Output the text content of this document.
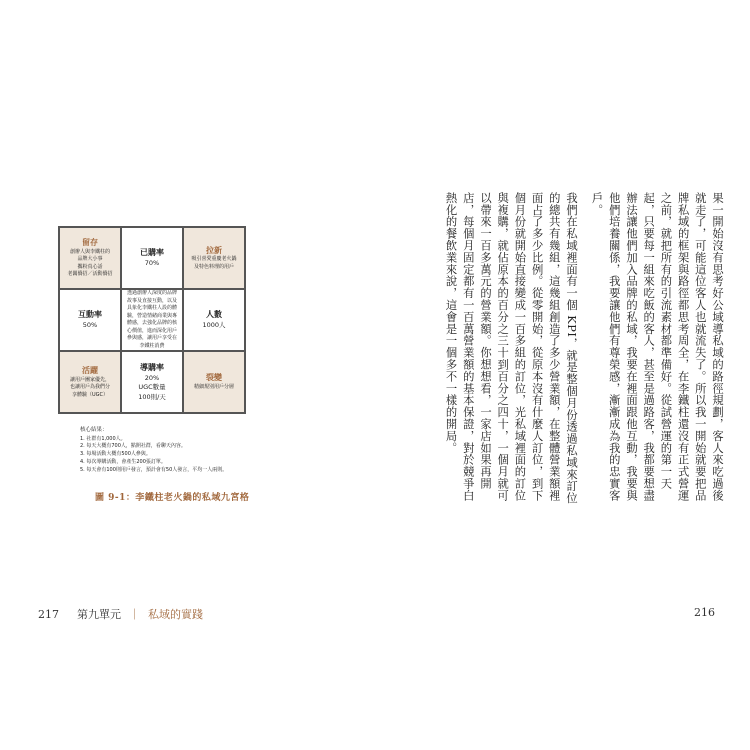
留存
創辦人與李鐵柱的
品牌大小事
攜粉真心話
老闆僑招／活動僑招
已購率
70%
拉新
吸引喜愛重慶老火鍋
及特色料理的用戶
互動率
50%
透過創辦人深度的品牌
故事及直接互動，以及
具象化李鐵柱人設的體
驗，營造情緒商業與專
體感，去強化品牌的核
心價值，進而深化用戶
參與感，讓用戶享受在
李鐵柱消費
人數
1000人
活躍
讓用戶團家優先，
也讓用戶為我們分
享體驗（UGC）
導購率
20%
UGC數量
100則/天
裂變
精細規別用戶分層
核心結果：
1. 社群有1,000人。
2. 每天大概有700人，點開社群，看聊天內容。
3. 每場活動大概有500人參與。
4. 每次導購活動，會產生200張訂單。
5. 每天會有100則用戶發言，預計會有50人發言，平均一人兩則。
圖 9-1：李鐵柱老火鍋的私域九宮格	果一開始沒有思考好公域導私域的路徑規劃，客人來吃過後就走了，可能這位客人也就流失了。所以我一開始就要把品牌私域的框架與路徑都思考周全，在李鐵柱還沒有正式營運之前，就把所有的引流素材都準備好。從試營運的第一天起，只要每一組來吃飯的客人，甚至是過路客，我都要想盡辦法讓他們加入品牌的私域，我要在裡面跟他互動，我要與他們培養關係，我要讓他們有尊榮感，漸漸成為我的忠實客戶。

我們在私域裡面有一個 KPI，就是整個月份透過私域來訂位的總共有幾組，這幾組創造了多少營業額，在整體營業額裡面占了多少比例。從零開始，從原本沒有什麼人訂位，到下個月份就開始直接變成一百多組的訂位，光私域裡面的訂位與複購，就佔原本的百分之三十到百分之四十，一個月就可以帶來一百多萬元的營業額。你想想看，一家店如果再開店，每個月固定都有一百萬營業額的基本保證，對於競爭白熱化的餐飲業來說，這會是一個多不一樣的開局。

217 第九單元 ｜ 私域的實踐	216
